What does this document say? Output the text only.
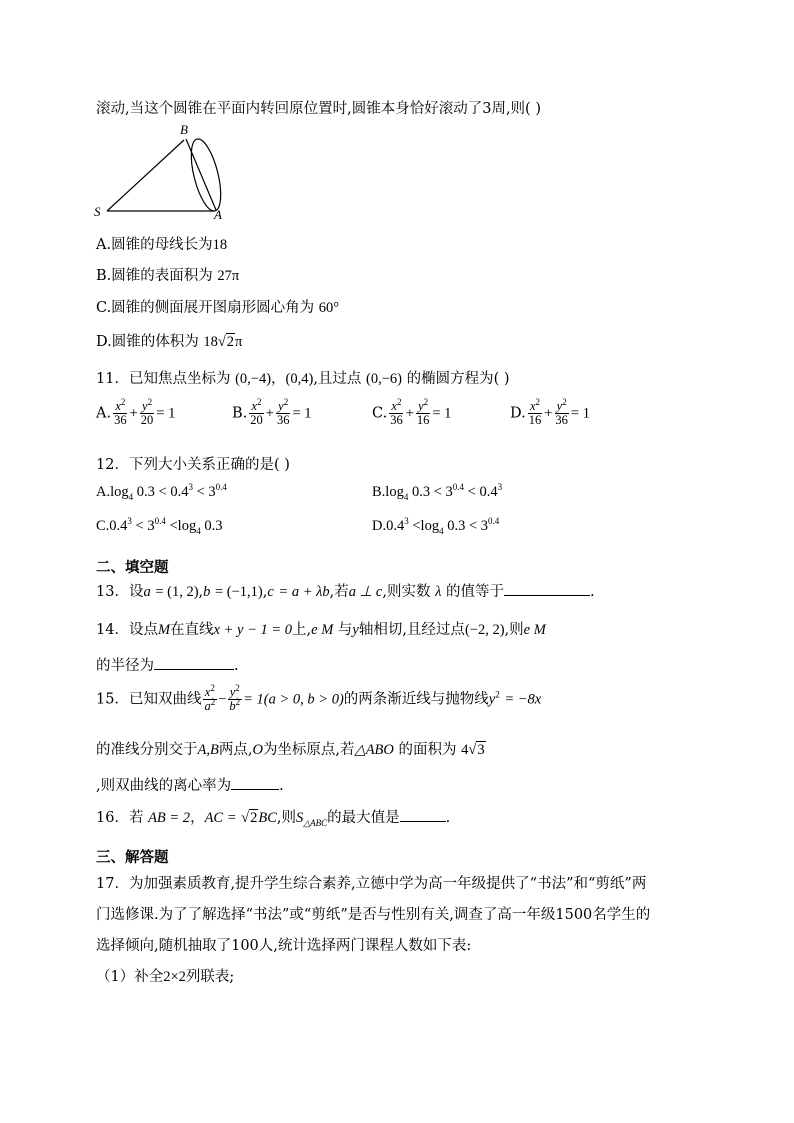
滚动,当这个圆锥在平面内转回原位置时,圆锥本身恰好滚动了3周,则( )
B
S	A
A.圆锥的母线长为18
B.圆锥的表面积为 27π
C.圆锥的侧面展开图扇形圆心角为 60°
D.圆锥的体积为 18√2π
11．已知焦点坐标为 (0,−4)，(0,4),且过点 (0,−6) 的椭圆方程为( )
A. $\frac{x^2}{36} + \frac{y^2}{20} = 1$	B. $\frac{x^2}{20} + \frac{y^2}{36} = 1$	C. $\frac{x^2}{36} + \frac{y^2}{16} = 1$	D. $\frac{x^2}{16} + \frac{y^2}{36} = 1$
12．下列大小关系正确的是( )
$A.\log_4$ $0.3 < 0.4^3 < 3^{0.4}$	$B.\log_4$ $0.3 < 3^{0.4} < 0.4^3$
$C.0.4^3 < 3^{0.4} <\log_4$ 0.3	$D.0.4^3 <\log_4$ $0.3 < 3^{0.4}$
二、填空题
13．设a = (1, 2),b = (−1,1),c = a + λb,若a ⊥ c,则实数 λ 的值等于	.
14．设点M在直线x + y − 1 = 0上,e M 与y轴相切,且经过点(−2, 2),则e M
的半径为	.
15．已知双曲线 $\frac{x^2}{a^2} - \frac{y^2}{b^2} = 1(a > 0$, b > 0)的两条渐近线与抛物线$y^2 = -8x$
的准线分别交于A,B两点,O为坐标原点,若△ABO 的面积为 4√3
,则双曲线的离心率为	.
16．若 AB = 2，AC = √2BC,则$S_{\triangle ABC}$的最大值是	.
三、解答题
17．为加强素质教育,提升学生综合素养,立德中学为高一年级提供了“书法”和“剪纸”两
门选修课.为了了解选择“书法”或“剪纸”是否与性别有关,调查了高一年级1500名学生的
选择倾向,随机抽取了100人,统计选择两门课程人数如下表:
（1）补全2×2列联表;
